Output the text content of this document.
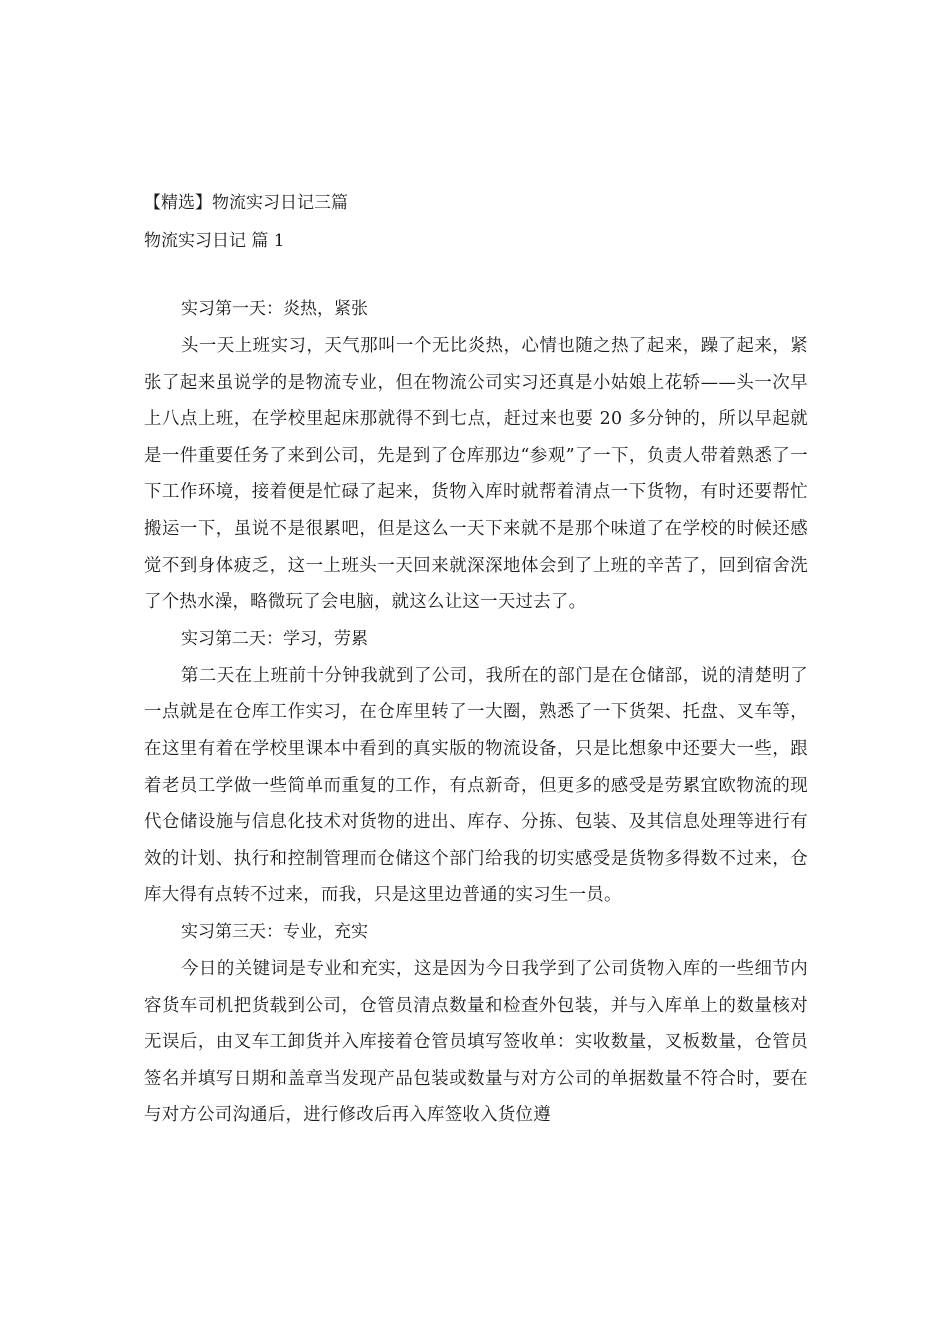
【精选】物流实习日记三篇
物流实习日记 篇 1

实习第一天：炎热，紧张

头一天上班实习，天气那叫一个无比炎热，心情也随之热了起来，躁了起来，紧张了起来虽说学的是物流专业，但在物流公司实习还真是小姑娘上花轿——头一次早上八点上班，在学校里起床那就得不到七点，赶过来也要 20 多分钟的，所以早起就是一件重要任务了来到公司，先是到了仓库那边“参观”了一下，负责人带着熟悉了一下工作环境，接着便是忙碌了起来，货物入库时就帮着清点一下货物，有时还要帮忙搬运一下，虽说不是很累吧，但是这么一天下来就不是那个味道了在学校的时候还感觉不到身体疲乏，这一上班头一天回来就深深地体会到了上班的辛苦了，回到宿舍洗了个热水澡，略微玩了会电脑，就这么让这一天过去了。

实习第二天：学习，劳累

第二天在上班前十分钟我就到了公司，我所在的部门是在仓储部，说的清楚明了一点就是在仓库工作实习，在仓库里转了一大圈，熟悉了一下货架、托盘、叉车等，在这里有着在学校里课本中看到的真实版的物流设备，只是比想象中还要大一些，跟着老员工学做一些简单而重复的工作，有点新奇，但更多的感受是劳累宜欧物流的现代仓储设施与信息化技术对货物的进出、库存、分拣、包装、及其信息处理等进行有效的计划、执行和控制管理而仓储这个部门给我的切实感受是货物多得数不过来，仓库大得有点转不过来，而我，只是这里边普通的实习生一员。

实习第三天：专业，充实

今日的关键词是专业和充实，这是因为今日我学到了公司货物入库的一些细节内容货车司机把货载到公司，仓管员清点数量和检查外包装，并与入库单上的数量核对无误后，由叉车工卸货并入库接着仓管员填写签收单：实收数量，叉板数量，仓管员签名并填写日期和盖章当发现产品包装或数量与对方公司的单据数量不符合时，要在与对方公司沟通后，进行修改后再入库签收入货位遵
